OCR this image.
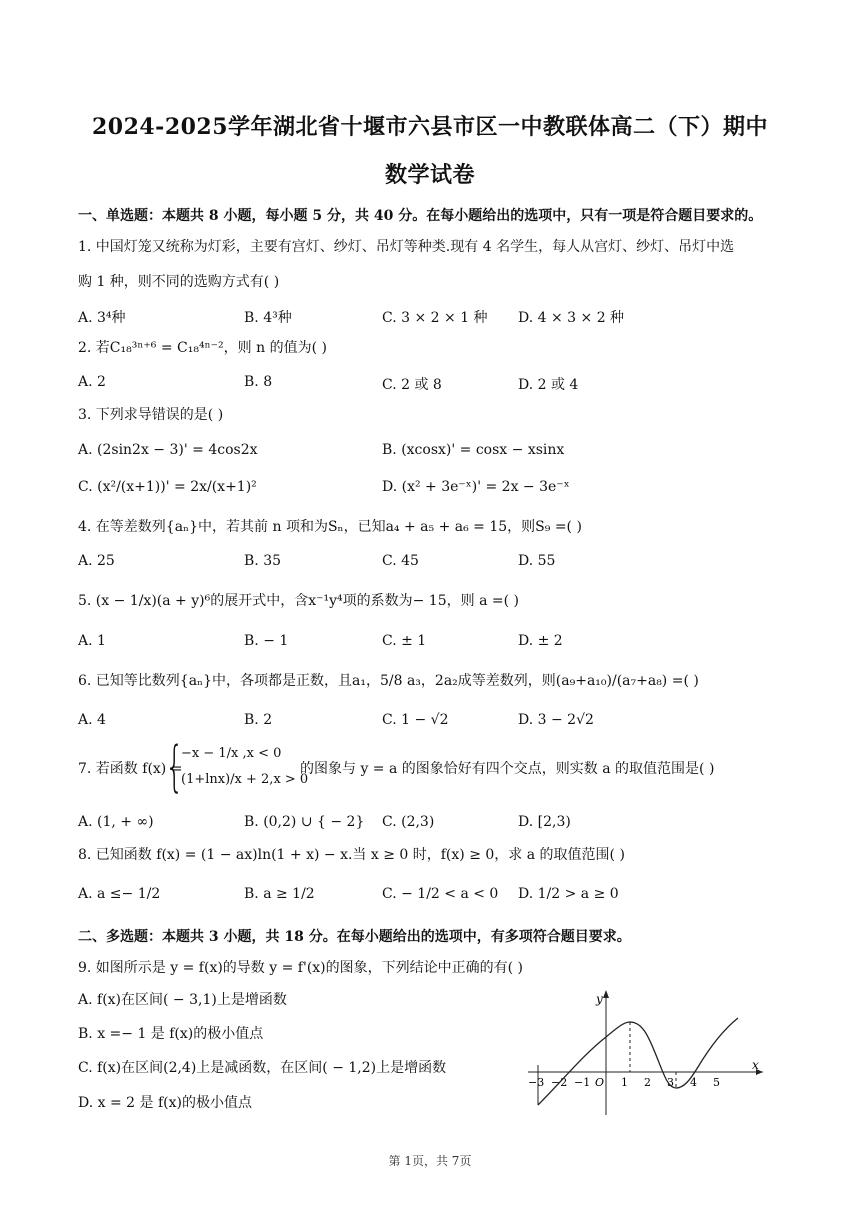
2024-2025学年湖北省十堰市六县市区一中教联体高二（下）期中
数学试卷
一、单选题：本题共 8 小题，每小题 5 分，共 40 分。在每小题给出的选项中，只有一项是符合题目要求的。
1. 中国灯笼又统称为灯彩，主要有宫灯、纱灯、吊灯等种类.现有 4 名学生，每人从宫灯、纱灯、吊灯中选
购 1 种，则不同的选购方式有( )
A. 3⁴种	B. 4³种	C. 3 × 2 × 1 种 D. 4 × 3 × 2 种
2. 若C₁₈³ⁿ⁺⁶ = C₁₈⁴ⁿ⁻²，则 n 的值为( )
A. 2	B. 8	C. 2 或 8	D. 2 或 4
3. 下列求导错误的是( )
A. (2sin2x − 3)' = 4cos2x	B. (xcosx)' = cosx − xsinx
C. (x²/(x+1))' = 2x/(x+1)²	D. (x² + 3e⁻ˣ)' = 2x − 3e⁻ˣ
4. 在等差数列{aₙ}中，若其前 n 项和为Sₙ，已知a₄ + a₅ + a₆ = 15，则S₉ =( )
A. 25	B. 35	C. 45	D. 55
5. (x − 1/x)(a + y)⁶的展开式中，含x⁻¹y⁴项的系数为− 15，则 a =( )
A. 1	B. − 1	C. ± 1	D. ± 2
6. 已知等比数列{aₙ}中，各项都是正数，且a₁，5/8 a₃，2a₂成等差数列，则(a₉+a₁₀)/(a₇+a₈) =( )
A. 4	B. 2	C. 1 − √2	D. 3 − 2√2
7. 若函数 f(x) =
{
−x − 1/x ,x < 0
(1+lnx)/x + 2,x > 0
的图象与 y = a 的图象恰好有四个交点，则实数 a 的取值范围是( )
A. (1, + ∞)	B. (0,2) ∪ { − 2} C. (2,3)	D. [2,3)
8. 已知函数 f(x) = (1 − ax)ln(1 + x) − x.当 x ≥ 0 时，f(x) ≥ 0，求 a 的取值范围( )
A. a ≤− 1/2	B. a ≥ 1/2	C. − 1/2 < a < 0 D. 1/2 > a ≥ 0
二、多选题：本题共 3 小题，共 18 分。在每小题给出的选项中，有多项符合题目要求。
9. 如图所示是 y = f(x)的导数 y = f'(x)的图象，下列结论中正确的有( )
A. f(x)在区间( − 3,1)上是增函数
B. x =− 1 是 f(x)的极小值点
C. f(x)在区间(2,4)上是减函数，在区间( − 1,2)上是增函数
D. x = 2 是 f(x)的极小值点
y
x
O
−3 −2 −1	1 2 3 4 5
第 1页，共 7页
